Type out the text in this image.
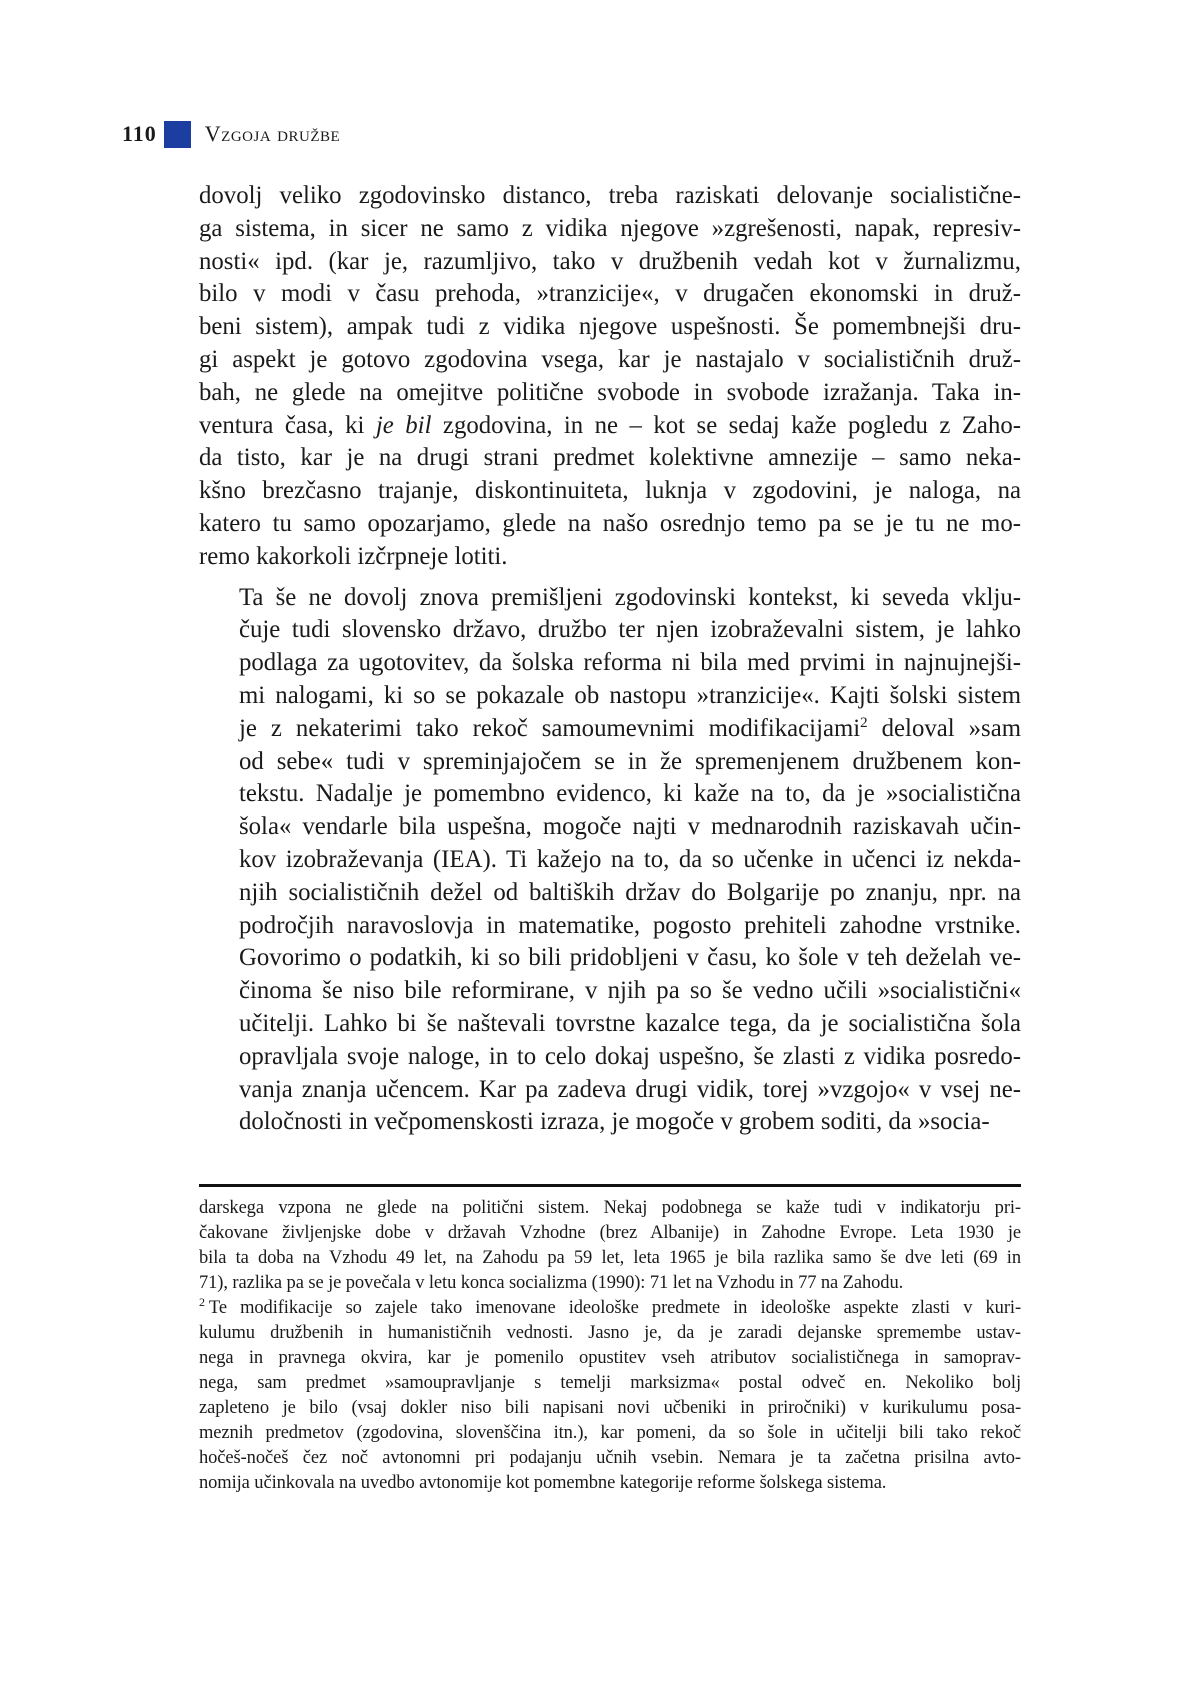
110 Vzgoja družbe

dovolj veliko zgodovinsko distanco, treba raziskati delovanje socialistične-
ga sistema, in sicer ne samo z vidika njegove »zgrešenosti, napak, represiv-
nosti« ipd. (kar je, razumljivo, tako v družbenih vedah kot v žurnalizmu,
bilo v modi v času prehoda, »tranzicije«, v drugačen ekonomski in druž-
beni sistem), ampak tudi z vidika njegove uspešnosti. Še pomembnejši dru-
gi aspekt je gotovo zgodovina vsega, kar je nastajalo v socialističnih druž-
bah, ne glede na omejitve politične svobode in svobode izražanja. Taka in-
ventura časa, ki je bil zgodovina, in ne – kot se sedaj kaže pogledu z Zaho-
da tisto, kar je na drugi strani predmet kolektivne amnezije – samo neka-
kšno brezčasno trajanje, diskontinuiteta, luknja v zgodovini, je naloga, na
katero tu samo opozarjamo, glede na našo osrednjo temo pa se je tu ne mo-
remo kakorkoli izčrpneje lotiti.

Ta še ne dovolj znova premišljeni zgodovinski kontekst, ki seveda vklju-
čuje tudi slovensko državo, družbo ter njen izobraževalni sistem, je lahko
podlaga za ugotovitev, da šolska reforma ni bila med prvimi in najnujnejši-
mi nalogami, ki so se pokazale ob nastopu »tranzicije«. Kajti šolski sistem
je z nekaterimi tako rekoč samoumevnimi modifikacijami$^2$ deloval »sam
od sebe« tudi v spreminjajočem se in že spremenjenem družbenem kon-
tekstu. Nadalje je pomembno evidenco, ki kaže na to, da je »socialistična
šola« vendarle bila uspešna, mogoče najti v mednarodnih raziskavah učin-
kov izobraževanja (IEA). Ti kažejo na to, da so učenke in učenci iz nekda-
njih socialističnih dežel od baltiških držav do Bolgarije po znanju, npr. na
področjih naravoslovja in matematike, pogosto prehiteli zahodne vrstnike.
Govorimo o podatkih, ki so bili pridobljeni v času, ko šole v teh deželah ve-
činoma še niso bile reformirane, v njih pa so še vedno učili »socialistični«
učitelji. Lahko bi še naštevali tovrstne kazalce tega, da je socialistična šola
opravljala svoje naloge, in to celo dokaj uspešno, še zlasti z vidika posredo-
vanja znanja učencem. Kar pa zadeva drugi vidik, torej »vzgojo« v vsej ne-
določnosti in večpomenskosti izraza, je mogoče v grobem soditi, da »socia-

darskega vzpona ne glede na politični sistem. Nekaj podobnega se kaže tudi v indikatorju pri-
čakovane življenjske dobe v državah Vzhodne (brez Albanije) in Zahodne Evrope. Leta 1930 je
bila ta doba na Vzhodu 49 let, na Zahodu pa 59 let, leta 1965 je bila razlika samo še dve leti (69 in
71), razlika pa se je povečala v letu konca socializma (1990): 71 let na Vzhodu in 77 na Zahodu.
$^2$ Te modifikacije so zajele tako imenovane ideološke predmete in ideološke aspekte zlasti v kuri-
kulumu družbenih in humanističnih vednosti. Jasno je, da je zaradi dejanske spremembe ustav-
nega in pravnega okvira, kar je pomenilo opustitev vseh atributov socialističnega in samoprav-
nega, sam predmet »samoupravljanje s temelji marksizma« postal odveč en. Nekoliko bolj
zapleteno je bilo (vsaj dokler niso bili napisani novi učbeniki in priročniki) v kurikulumu posa-
meznih predmetov (zgodovina, slovenščina itn.), kar pomeni, da so šole in učitelji bili tako rekoč
hočeš-nočeš čez noč avtonomni pri podajanju učnih vsebin. Nemara je ta začetna prisilna avto-
nomija učinkovala na uvedbo avtonomije kot pomembne kategorije reforme šolskega sistema.
